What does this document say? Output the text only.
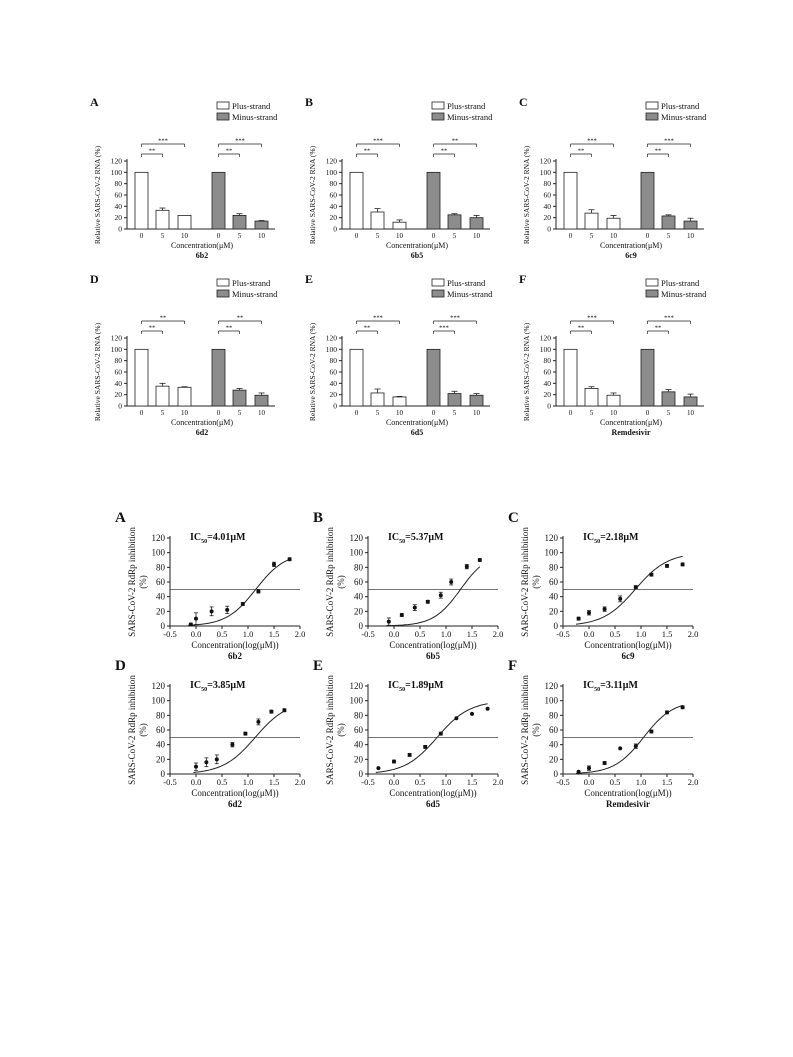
A	Plus-strand
Minus-strand
0
20
40
60
80
100
120
Relative SARS-CoV-2 RNA (%)	0	5 10	0	5 10
**
***
**
***
Concentration(μM)
6b2
B	Plus-strand
Minus-strand
0
20
40
60
80
100
120
Relative SARS-CoV-2 RNA (%)	0	5 10	0	5 10
**
***
**
**
Concentration(μM)
6b5
C	Plus-strand
Minus-strand
0
20
40
60
80
100
120
Relative SARS-CoV-2 RNA (%)	0	5 10	0	5 10
**
***
**
***
Concentration(μM)
6c9
D	Plus-strand
Minus-strand
0
20
40
60
80
100
120
Relative SARS-CoV-2 RNA (%)	0	5 10	0	5 10
**
**
**
**
Concentration(μM)
6d2
E	Plus-strand
Minus-strand
0
20
40
60
80
100
120
Relative SARS-CoV-2 RNA (%)	0	5 10	0	5 10
**
***
***
***
Concentration(μM)
6d5
F	Plus-strand
Minus-strand
0
20
40
60
80
100
120
Relative SARS-CoV-2 RNA (%)	0	5 10	0	5 10
**
***
**
***
Concentration(μM)
Remdesivir
A
$IC_{50}=4.01\mu M$
0
20
40
60
80
100
120
-0.5 0.0 0.5 1.0 1.5 2.0
SARS-CoV-2 RdRp inhibition (%)
Concentration(log(μM))
6b2
B
$IC_{50}=5.37\mu M$
0
20
40
60
80
100
120
-0.5 0.0 0.5 1.0 1.5 2.0
SARS-CoV-2 RdRp inhibition (%)
Concentration(log(μM))
6b5
C
$IC_{50}=2.18\mu M$
0
20
40
60
80
100
120
-0.5 0.0 0.5 1.0 1.5 2.0
SARS-CoV-2 RdRp inhibition (%)
Concentration(log(μM))
6c9
D
$IC_{50}=3.85\mu M$
0
20
40
60
80
100
120
-0.5 0.0 0.5 1.0 1.5 2.0
SARS-CoV-2 RdRp inhibition (%)
Concentration(log(μM))
6d2
E
$IC_{50}=1.89\mu M$
0
20
40
60
80
100
120
-0.5 0.0 0.5 1.0 1.5 2.0
SARS-CoV-2 RdRp inhibition (%)
Concentration(log(μM))
6d5
F
$IC_{50}=3.11\mu M$
0
20
40
60
80
100
120
-0.5 0.0 0.5 1.0 1.5 2.0
SARS-CoV-2 RdRp inhibition (%)
Concentration(log(μM))
Remdesivir
